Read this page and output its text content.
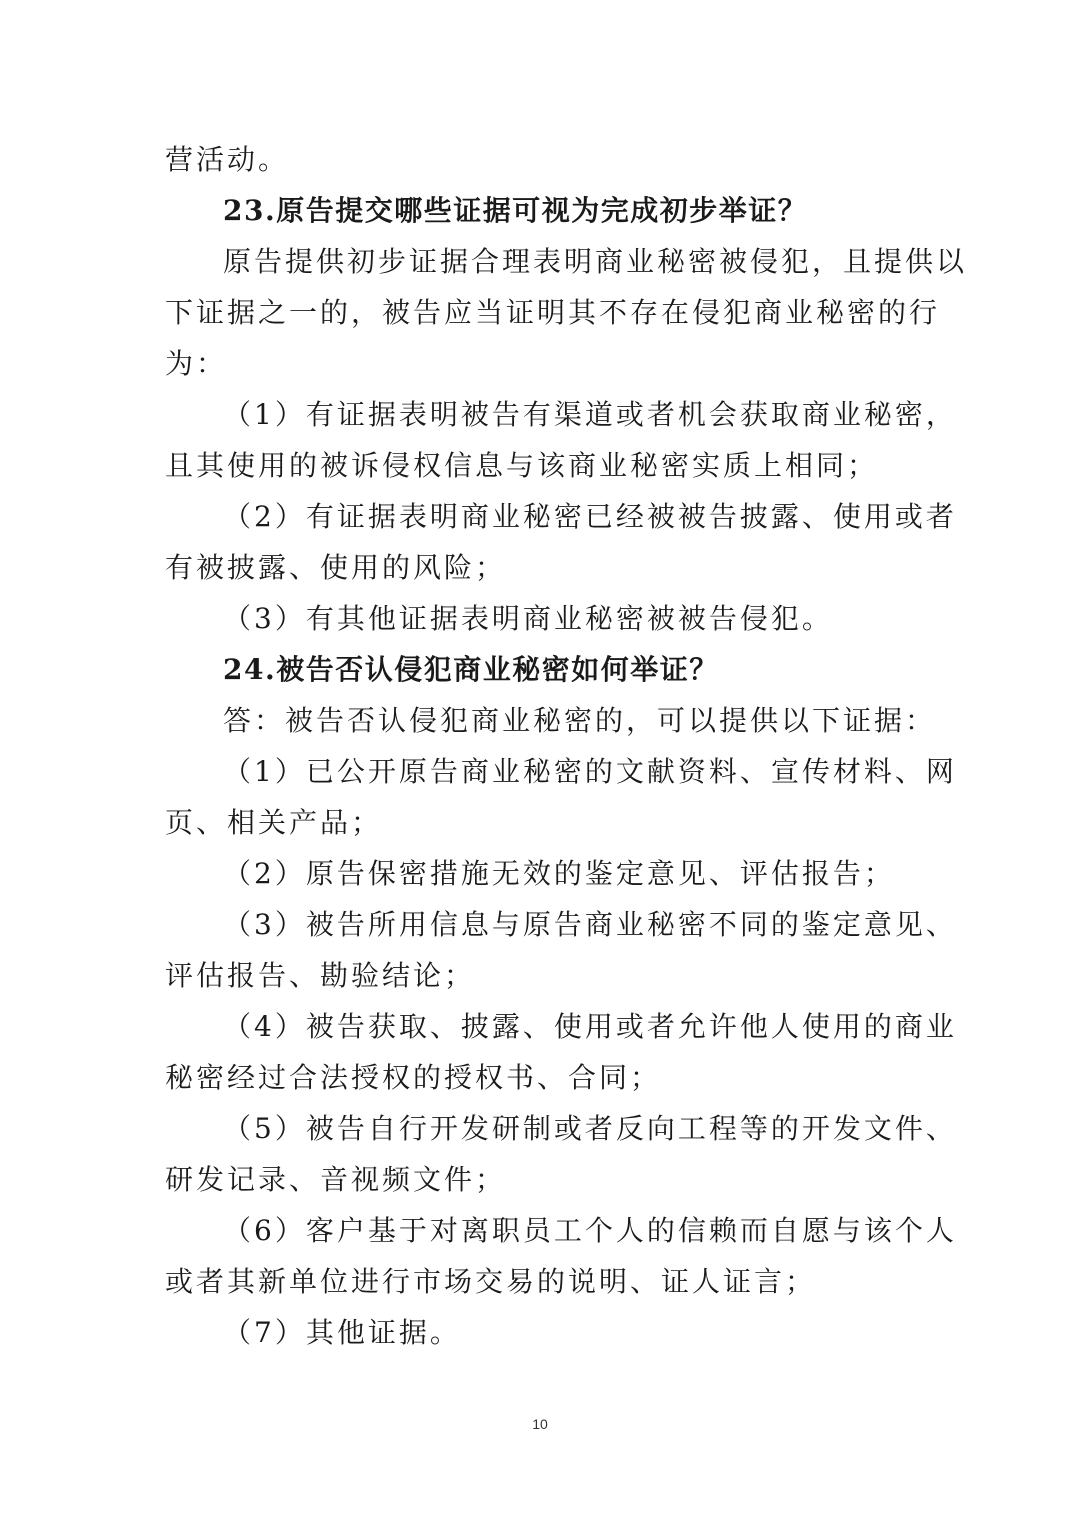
营活动。
23.原告提交哪些证据可视为完成初步举证？
原告提供初步证据合理表明商业秘密被侵犯，且提供以
下证据之一的，被告应当证明其不存在侵犯商业秘密的行
为：
（1）有证据表明被告有渠道或者机会获取商业秘密，
且其使用的被诉侵权信息与该商业秘密实质上相同；
（2）有证据表明商业秘密已经被被告披露、使用或者
有被披露、使用的风险；
（3）有其他证据表明商业秘密被被告侵犯。
24.被告否认侵犯商业秘密如何举证？
答：被告否认侵犯商业秘密的，可以提供以下证据：
（1）已公开原告商业秘密的文献资料、宣传材料、网
页、相关产品；
（2）原告保密措施无效的鉴定意见、评估报告；
（3）被告所用信息与原告商业秘密不同的鉴定意见、
评估报告、勘验结论；
（4）被告获取、披露、使用或者允许他人使用的商业
秘密经过合法授权的授权书、合同；
（5）被告自行开发研制或者反向工程等的开发文件、
研发记录、音视频文件；
（6）客户基于对离职员工个人的信赖而自愿与该个人
或者其新单位进行市场交易的说明、证人证言；
（7）其他证据。
10
